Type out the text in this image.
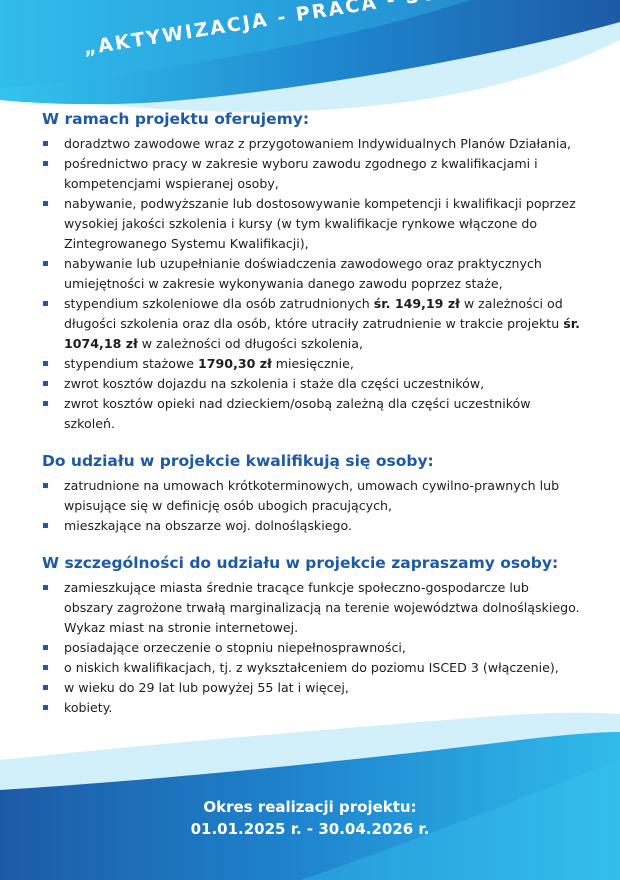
W ramach projektu oferujemy:
doradztwo zawodowe wraz z przygotowaniem Indywidualnych Planów Działania,
pośrednictwo pracy w zakresie wyboru zawodu zgodnego z kwalifikacjami i kompetencjami wspieranej osoby,
nabywanie, podwyższanie lub dostosowywanie kompetencji i kwalifikacji poprzez wysokiej jakości szkolenia i kursy (w tym kwalifikacje rynkowe włączone do Zintegrowanego Systemu Kwalifikacji),
nabywanie lub uzupełnianie doświadczenia zawodowego oraz praktycznych umiejętności w zakresie wykonywania danego zawodu poprzez staże,
stypendium szkoleniowe dla osób zatrudnionych śr. 149,19 zł w zależności od długości szkolenia oraz dla osób, które utraciły zatrudnienie w trakcie projektu śr. 1074,18 zł w zależności od długości szkolenia,
stypendium stażowe 1790,30 zł miesięcznie,
zwrot kosztów dojazdu na szkolenia i staże dla części uczestników,
zwrot kosztów opieki nad dzieckiem/osobą zależną dla części uczestników szkoleń.
Do udziału w projekcie kwalifikują się osoby:
zatrudnione na umowach krótkoterminowych, umowach cywilno-prawnych lub wpisujące się w definicję osób ubogich pracujących,
mieszkające na obszarze woj. dolnośląskiego.
W szczególności do udziału w projekcie zapraszamy osoby:
zamieszkujące miasta średnie tracące funkcje społeczno-gospodarcze lub obszary zagrożone trwałą marginalizacją na terenie województwa dolnośląskiego. Wykaz miast na stronie internetowej.
posiadające orzeczenie o stopniu niepełnosprawności,
o niskich kwalifikacjach, tj. z wykształceniem do poziomu ISCED 3 (włączenie),
w wieku do 29 lat lub powyżej 55 lat i więcej,
kobiety.
Okres realizacji projektu:
01.01.2025 r. - 30.04.2026 r.
